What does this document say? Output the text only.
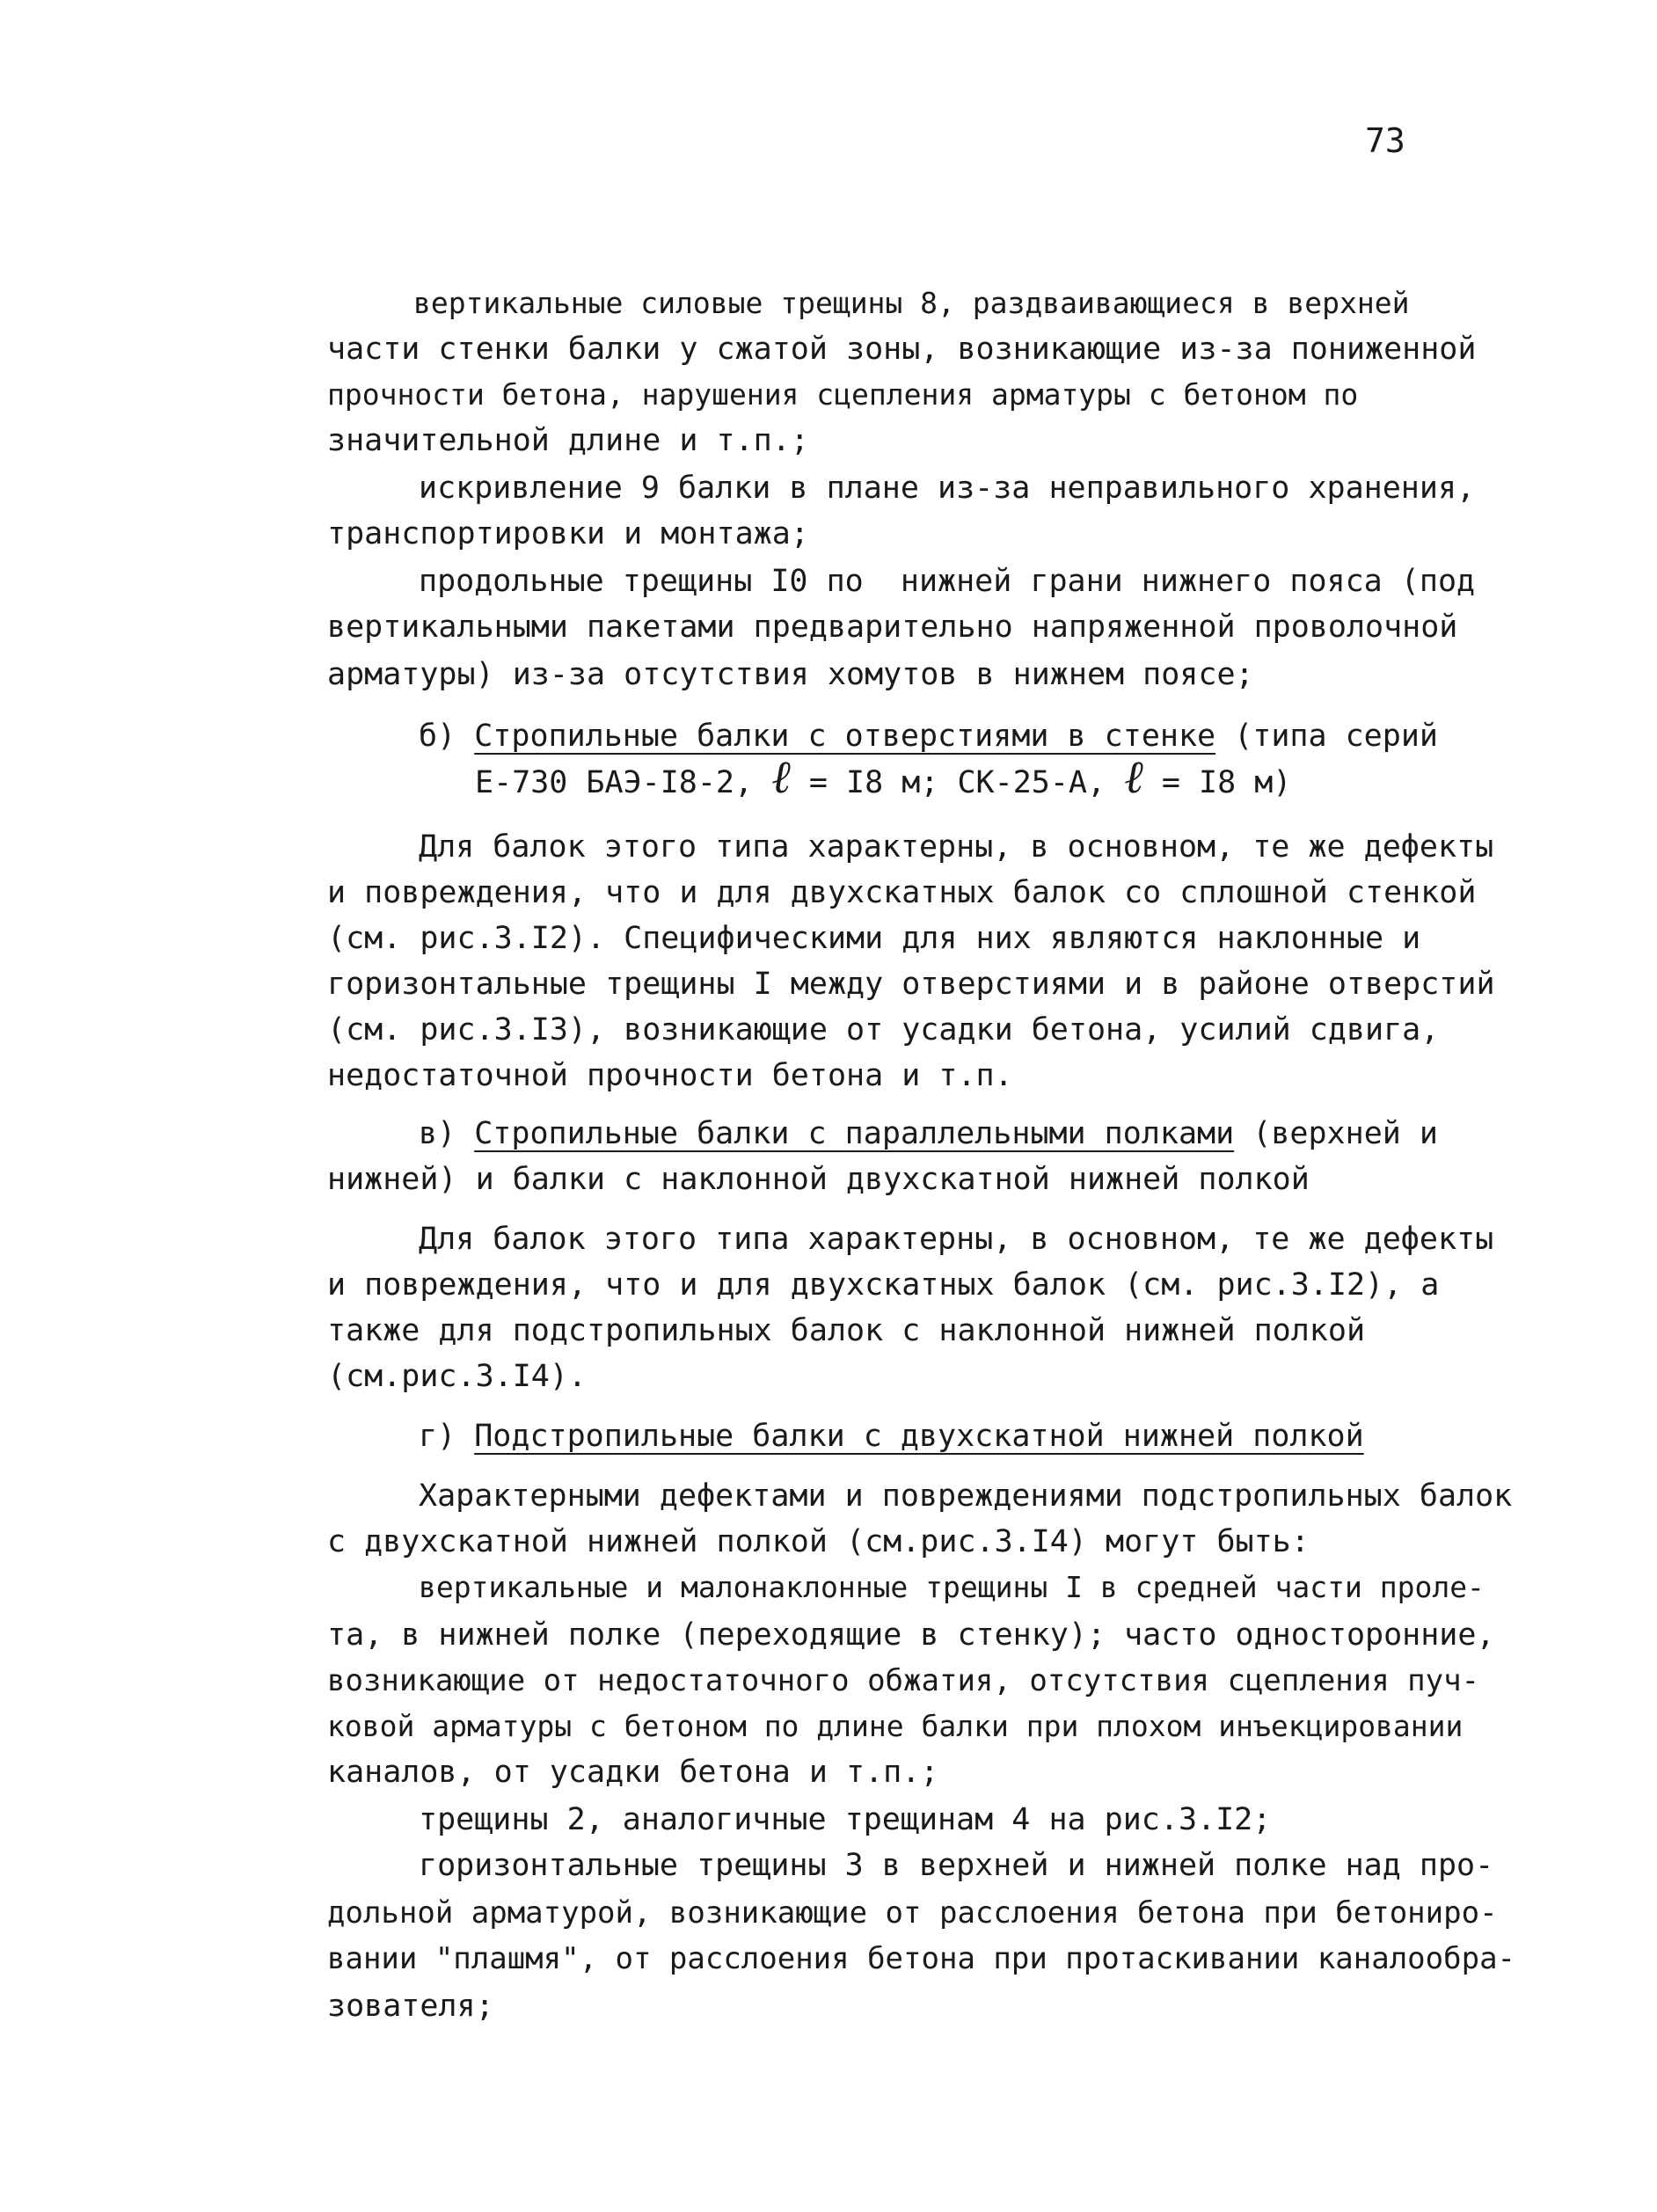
73
вертикальные силовые трещины 8, раздваивающиеся в верхней
части стенки балки у сжатой зоны, возникающие из-за пониженной
прочности бетона, нарушения сцепления арматуры с бетоном по
значительной длине и т.п.;
искривление 9 балки в плане из-за неправильного хранения,
транспортировки и монтажа;
продольные трещины I0 по  нижней грани нижнего пояса (под
вертикальными пакетами предварительно напряженной проволочной
арматуры) из-за отсутствия хомутов в нижнем поясе;
б) Стропильные балки с отверстиями в стенке (типа серий
Е-730 БАЭ-I8-2, ℓ = I8 м; СК-25-А, ℓ = I8 м)
Для балок этого типа характерны, в основном, те же дефекты
и повреждения, что и для двухскатных балок со сплошной стенкой
(см. рис.3.I2). Специфическими для них являются наклонные и
горизонтальные трещины I между отверстиями и в районе отверстий
(см. рис.3.I3), возникающие от усадки бетона, усилий сдвига,
недостаточной прочности бетона и т.п.
в) Стропильные балки с параллельными полками (верхней и
нижней) и балки с наклонной двухскатной нижней полкой
Для балок этого типа характерны, в основном, те же дефекты
и повреждения, что и для двухскатных балок (см. рис.3.I2), а
также для подстропильных балок с наклонной нижней полкой
(см.рис.3.I4).
г) Подстропильные балки с двухскатной нижней полкой
Характерными дефектами и повреждениями подстропильных балок
с двухскатной нижней полкой (см.рис.3.I4) могут быть:
вертикальные и малонаклонные трещины I в средней части проле-
та, в нижней полке (переходящие в стенку); часто односторонние,
возникающие от недостаточного обжатия, отсутствия сцепления пуч-
ковой арматуры с бетоном по длине балки при плохом инъекцировании
каналов, от усадки бетона и т.п.;
трещины 2, аналогичные трещинам 4 на рис.3.I2;
горизонтальные трещины 3 в верхней и нижней полке над про-
дольной арматурой, возникающие от расслоения бетона при бетониро-
вании "плашмя", от расслоения бетона при протаскивании каналообра-
зователя;
